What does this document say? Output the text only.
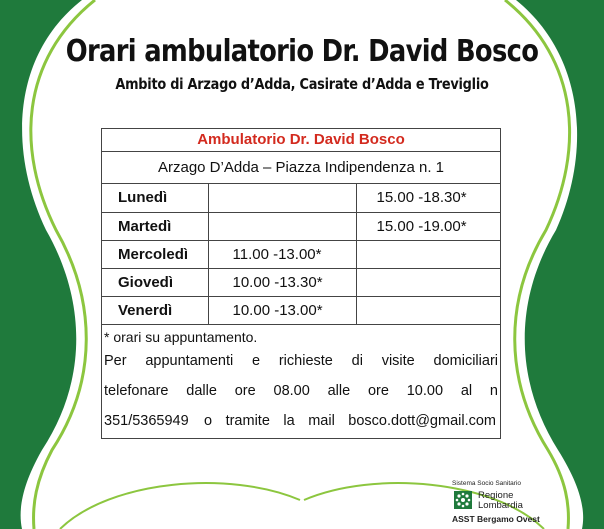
Orari ambulatorio Dr. David Bosco
Ambito di Arzago d’Adda, Casirate d’Adda e Treviglio
Ambulatorio Dr. David Bosco
Arzago D’Adda – Piazza Indipendenza n. 1
Lunedì		15.00 -18.30*
Martedì		15.00 -19.00*
Mercoledì	11.00 -13.00*	
Giovedì	10.00 -13.30*	
Venerdì	10.00 -13.00*	
* orari su appuntamento.
Per appuntamenti e richieste di visite domiciliari
telefonare dalle ore 08.00 alle ore 10.00 al n
351/5365949 o tramite la mail bosco.dott@gmail.com
Sistema Socio Sanitario
Regione
Lombardia
ASST Bergamo Ovest
